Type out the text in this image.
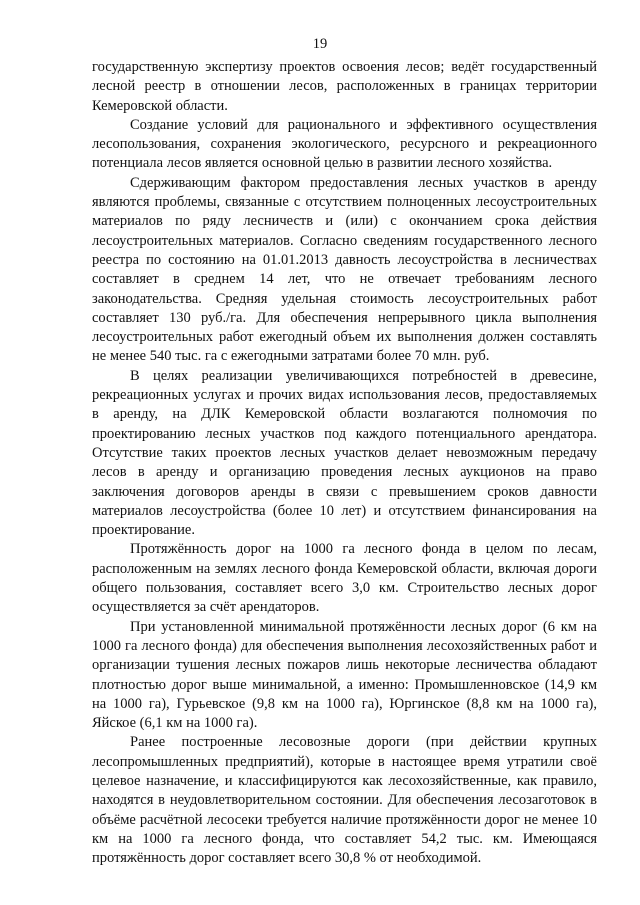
19

государственную экспертизу проектов освоения лесов; ведёт государственный лесной реестр в отношении лесов, расположенных в границах территории Кемеровской области.

Создание условий для рационального и эффективного осуществления лесопользования, сохранения экологического, ресурсного и рекреационного потенциала лесов является основной целью в развитии лесного хозяйства.

Сдерживающим фактором предоставления лесных участков в аренду являются проблемы, связанные с отсутствием полноценных лесоустроительных материалов по ряду лесничеств и (или) с окончанием срока действия лесоустроительных материалов. Согласно сведениям государственного лесного реестра по состоянию на 01.01.2013 давность лесоустройства в лесничествах составляет в среднем 14 лет, что не отвечает требованиям лесного законодательства. Средняя удельная стоимость лесоустроительных работ составляет 130 руб./га. Для обеспечения непрерывного цикла выполнения лесоустроительных работ ежегодный объем их выполнения должен составлять не менее 540 тыс. га с ежегодными затратами более 70 млн. руб.

В целях реализации увеличивающихся потребностей в древесине, рекреационных услугах и прочих видах использования лесов, предоставляемых в аренду, на ДЛК Кемеровской области возлагаются полномочия по проектированию лесных участков под каждого потенциального арендатора. Отсутствие таких проектов лесных участков делает невозможным передачу лесов в аренду и организацию проведения лесных аукционов на право заключения договоров аренды в связи с превышением сроков давности материалов лесоустройства (более 10 лет) и отсутствием финансирования на проектирование.

Протяжённость дорог на 1000 га лесного фонда в целом по лесам, расположенным на землях лесного фонда Кемеровской области, включая дороги общего пользования, составляет всего 3,0 км. Строительство лесных дорог осуществляется за счёт арендаторов.

При установленной минимальной протяжённости лесных дорог (6 км на 1000 га лесного фонда) для обеспечения выполнения лесохозяйственных работ и организации тушения лесных пожаров лишь некоторые лесничества обладают плотностью дорог выше минимальной, а именно: Промышленновское (14,9 км на 1000 га), Гурьевское (9,8 км на 1000 га), Юргинское (8,8 км на 1000 га), Яйское (6,1 км на 1000 га).

Ранее построенные лесовозные дороги (при действии крупных лесопромышленных предприятий), которые в настоящее время утратили своё целевое назначение, и классифицируются как лесохозяйственные, как правило, находятся в неудовлетворительном состоянии. Для обеспечения лесозаготовок в объёме расчётной лесосеки требуется наличие протяжённости дорог не менее 10 км на 1000 га лесного фонда, что составляет 54,2 тыс. км. Имеющаяся протяжённость дорог составляет всего 30,8 % от необходимой.
